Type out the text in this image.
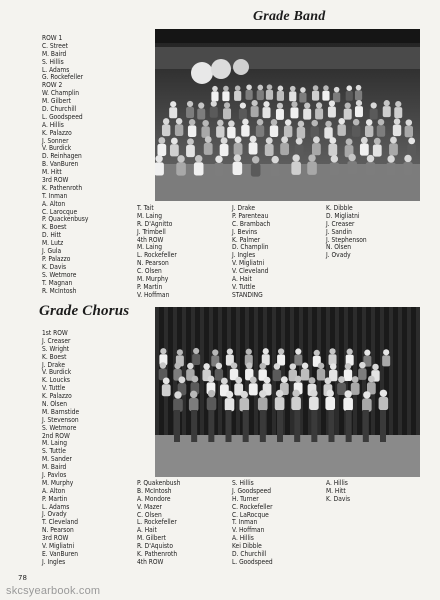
Grade Band
ROW 1
C. Street
M. Baird
S. Hillis
L. Adams
G. Rockefeller
ROW 2
W. Champlin
M. Gilbert
D. Churchill
L. Goodspeed
A. Hillis
K. Palazzo
J. Sonner
V. Burdick
D. Reinhagen
B. VanBuren
M. Hitt
3rd ROW
K. Pathenroth
T. Inman
A. Alton
C. Larocque
P. Quackenbusy
K. Boest
D. Hitt
M. Lutz
J. Gula
P. Palazzo
K. Davis
S. Wetmore
T. Magnan
R. McIntosh
T. Tait
M. Laing
R. D'Agnitto
J. Trimbell
4th ROW
M. Laing
L. Rockefeller
N. Pearson
C. Olsen
M. Murphy
P. Martin
V. Hoffman
J. Drake
P. Parenteau
C. Brambach
J. Bevins
K. Palmer
D. Champlin
J. Ingles
V. Migliatni
V. Cleveland
A. Hait
V. Tuttle
STANDING
K. Dibble
D. Migliatni
J. Creaser
J. Sandin
J. Stephenson
N. Olsen
J. Ovady
Grade Chorus
1st ROW
J. Creaser
S. Wright
K. Boest
J. Drake
V. Burdick
K. Loucks
V. Tuttle
K. Palazzo
N. Olsen
M. Barnstide
J. Stevenson
S. Wetmore
2nd ROW
M. Laing
S. Tuttle
M. Sander
M. Baird
J. Pavlos
M. Murphy
A. Alton
P. Martin
L. Adams
J. Ovady
T. Cleveland
N. Pearson
3rd ROW
V. Migliatni
E. VanBuren
J. Ingles
P. Quakenbush
B. McIntosh
A. Mondore
V. Mazer
C. Olsen
L. Rockefeller
A. Hait
M. Gilbert
R. D'Aquisto
K. Pathenroth
4th ROW
S. Hillis
J. Goodspeed
H. Turner
C. Rockefeller
C. LaRocque
T. Inman
V. Hoffman
A. Hillis
Kei Dibble
D. Churchill
L. Goodspeed
A. Hillis
M. Hitt
K. Davis
78
skcsyearbook.com
